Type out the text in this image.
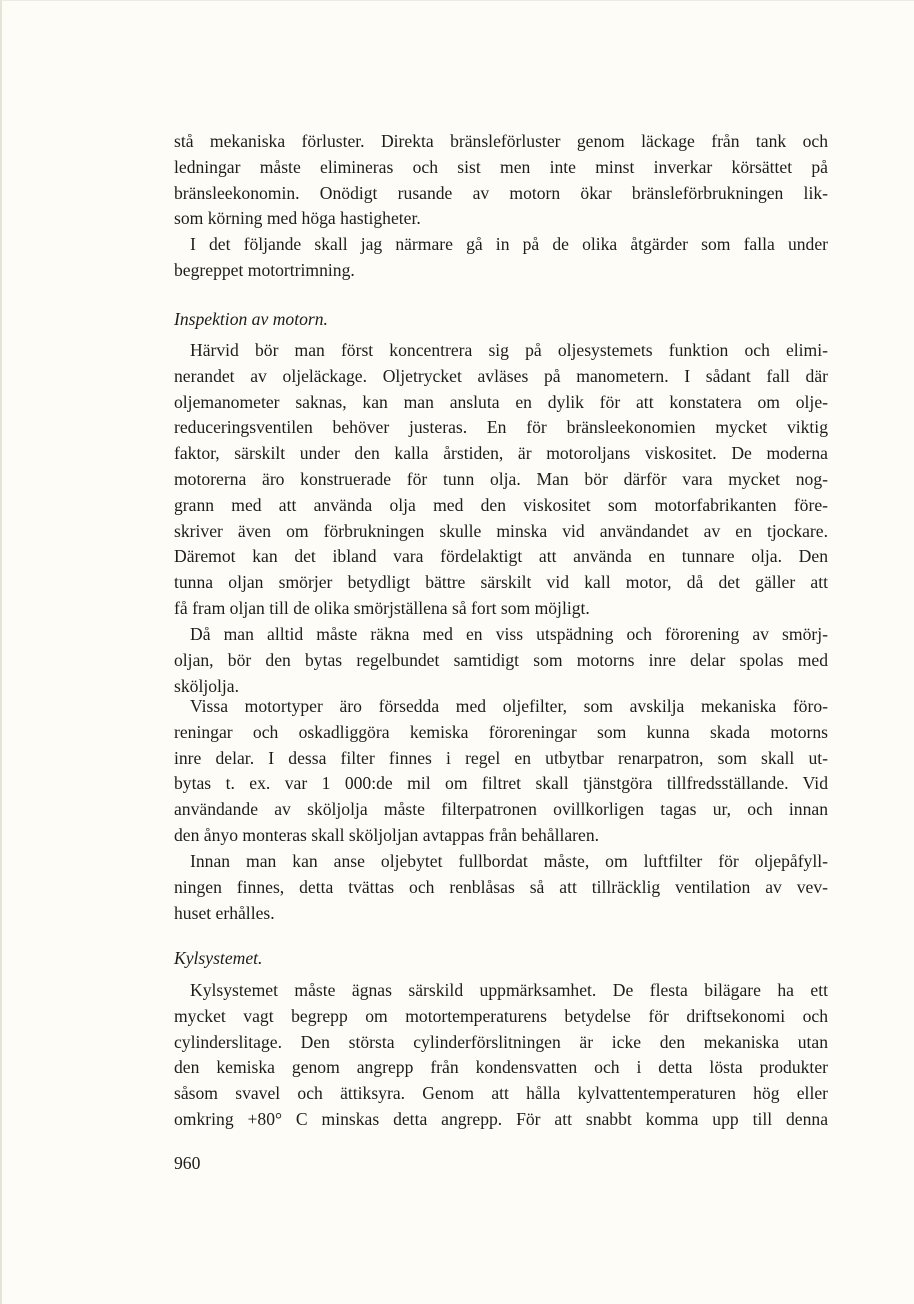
stå mekaniska förluster. Direkta bränsleförluster genom läckage från tank och
ledningar måste elimineras och sist men inte minst inverkar körsättet på
bränsleekonomin. Onödigt rusande av motorn ökar bränsleförbrukningen lik-
som körning med höga hastigheter.
I det följande skall jag närmare gå in på de olika åtgärder som falla under
begreppet motortrimning.
Inspektion av motorn.
Härvid bör man först koncentrera sig på oljesystemets funktion och elimi-
nerandet av oljeläckage. Oljetrycket avläses på manometern. I sådant fall där
oljemanometer saknas, kan man ansluta en dylik för att konstatera om olje-
reduceringsventilen behöver justeras. En för bränsleekonomien mycket viktig
faktor, särskilt under den kalla årstiden, är motoroljans viskositet. De moderna
motorerna äro konstruerade för tunn olja. Man bör därför vara mycket nog-
grann med att använda olja med den viskositet som motorfabrikanten före-
skriver även om förbrukningen skulle minska vid användandet av en tjockare.
Däremot kan det ibland vara fördelaktigt att använda en tunnare olja. Den
tunna oljan smörjer betydligt bättre särskilt vid kall motor, då det gäller att
få fram oljan till de olika smörjställena så fort som möjligt.
Då man alltid måste räkna med en viss utspädning och förorening av smörj-
oljan, bör den bytas regelbundet samtidigt som motorns inre delar spolas med
sköljolja.
Vissa motortyper äro försedda med oljefilter, som avskilja mekaniska föro-
reningar och oskadliggöra kemiska föroreningar som kunna skada motorns
inre delar. I dessa filter finnes i regel en utbytbar renarpatron, som skall ut-
bytas t. ex. var 1 000:de mil om filtret skall tjänstgöra tillfredsställande. Vid
användande av sköljolja måste filterpatronen ovillkorligen tagas ur, och innan
den ånyo monteras skall sköljoljan avtappas från behållaren.
Innan man kan anse oljebytet fullbordat måste, om luftfilter för oljepåfyll-
ningen finnes, detta tvättas och renblåsas så att tillräcklig ventilation av vev-
huset erhålles.
Kylsystemet.
Kylsystemet måste ägnas särskild uppmärksamhet. De flesta bilägare ha ett
mycket vagt begrepp om motortemperaturens betydelse för driftsekonomi och
cylinderslitage. Den största cylinderförslitningen är icke den mekaniska utan
den kemiska genom angrepp från kondensvatten och i detta lösta produkter
såsom svavel och ättiksyra. Genom att hålla kylvattentemperaturen hög eller
omkring +80° C minskas detta angrepp. För att snabbt komma upp till denna
960
